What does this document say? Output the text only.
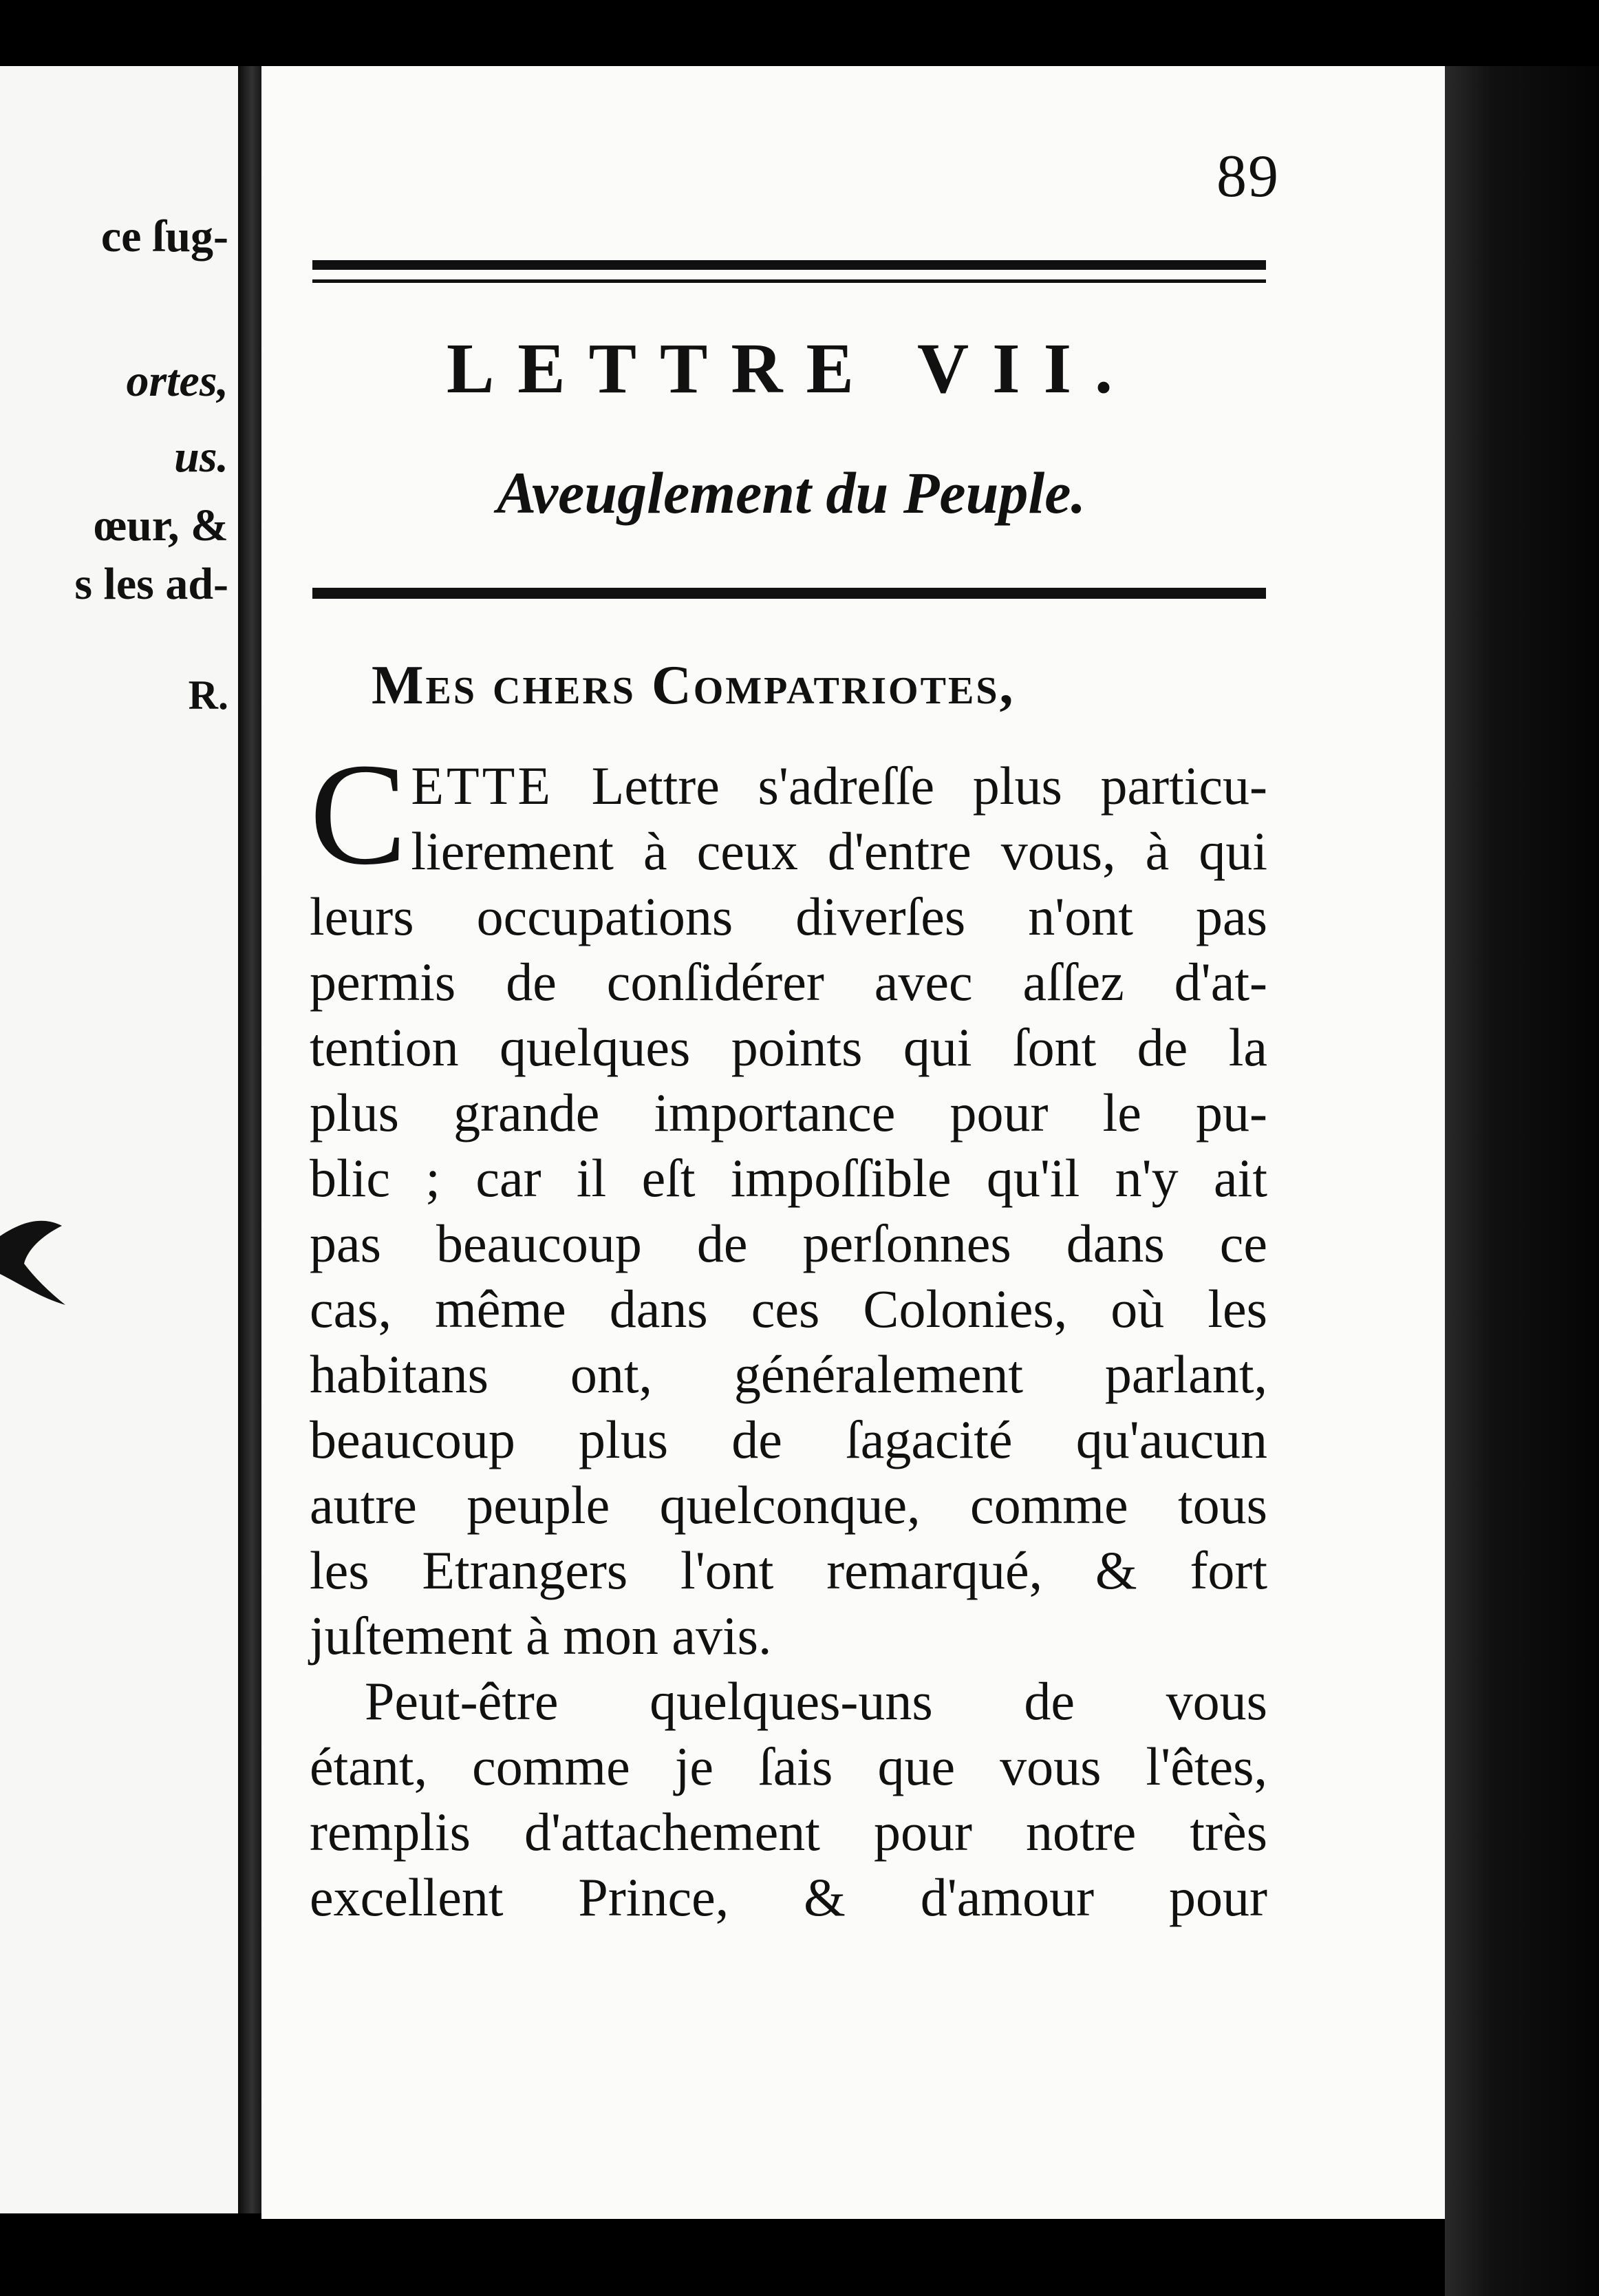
ce ſug-
ortes,
us.
œur, &
s les ad-
R.
89
LETTRE VII.
Aveuglement du Peuple.
Mes chers Compatriotes,
C ETTE Lettre s'adreſſe plus particu-
lierement à ceux d'entre vous, à qui
leurs occupations diverſes n'ont pas
permis de conſidérer avec aſſez d'at-
tention quelques points qui ſont de la
plus grande importance pour le pu-
blic ; car il eſt impoſſible qu'il n'y ait
pas beaucoup de perſonnes dans ce
cas, même dans ces Colonies, où les
habitans ont, généralement parlant,
beaucoup plus de ſagacité qu'aucun
autre peuple quelconque, comme tous
les Etrangers l'ont remarqué, & fort
juſtement à mon avis.
Peut-être quelques-uns de vous
étant, comme je ſais que vous l'êtes,
remplis d'attachement pour notre très
excellent Prince, & d'amour pour
